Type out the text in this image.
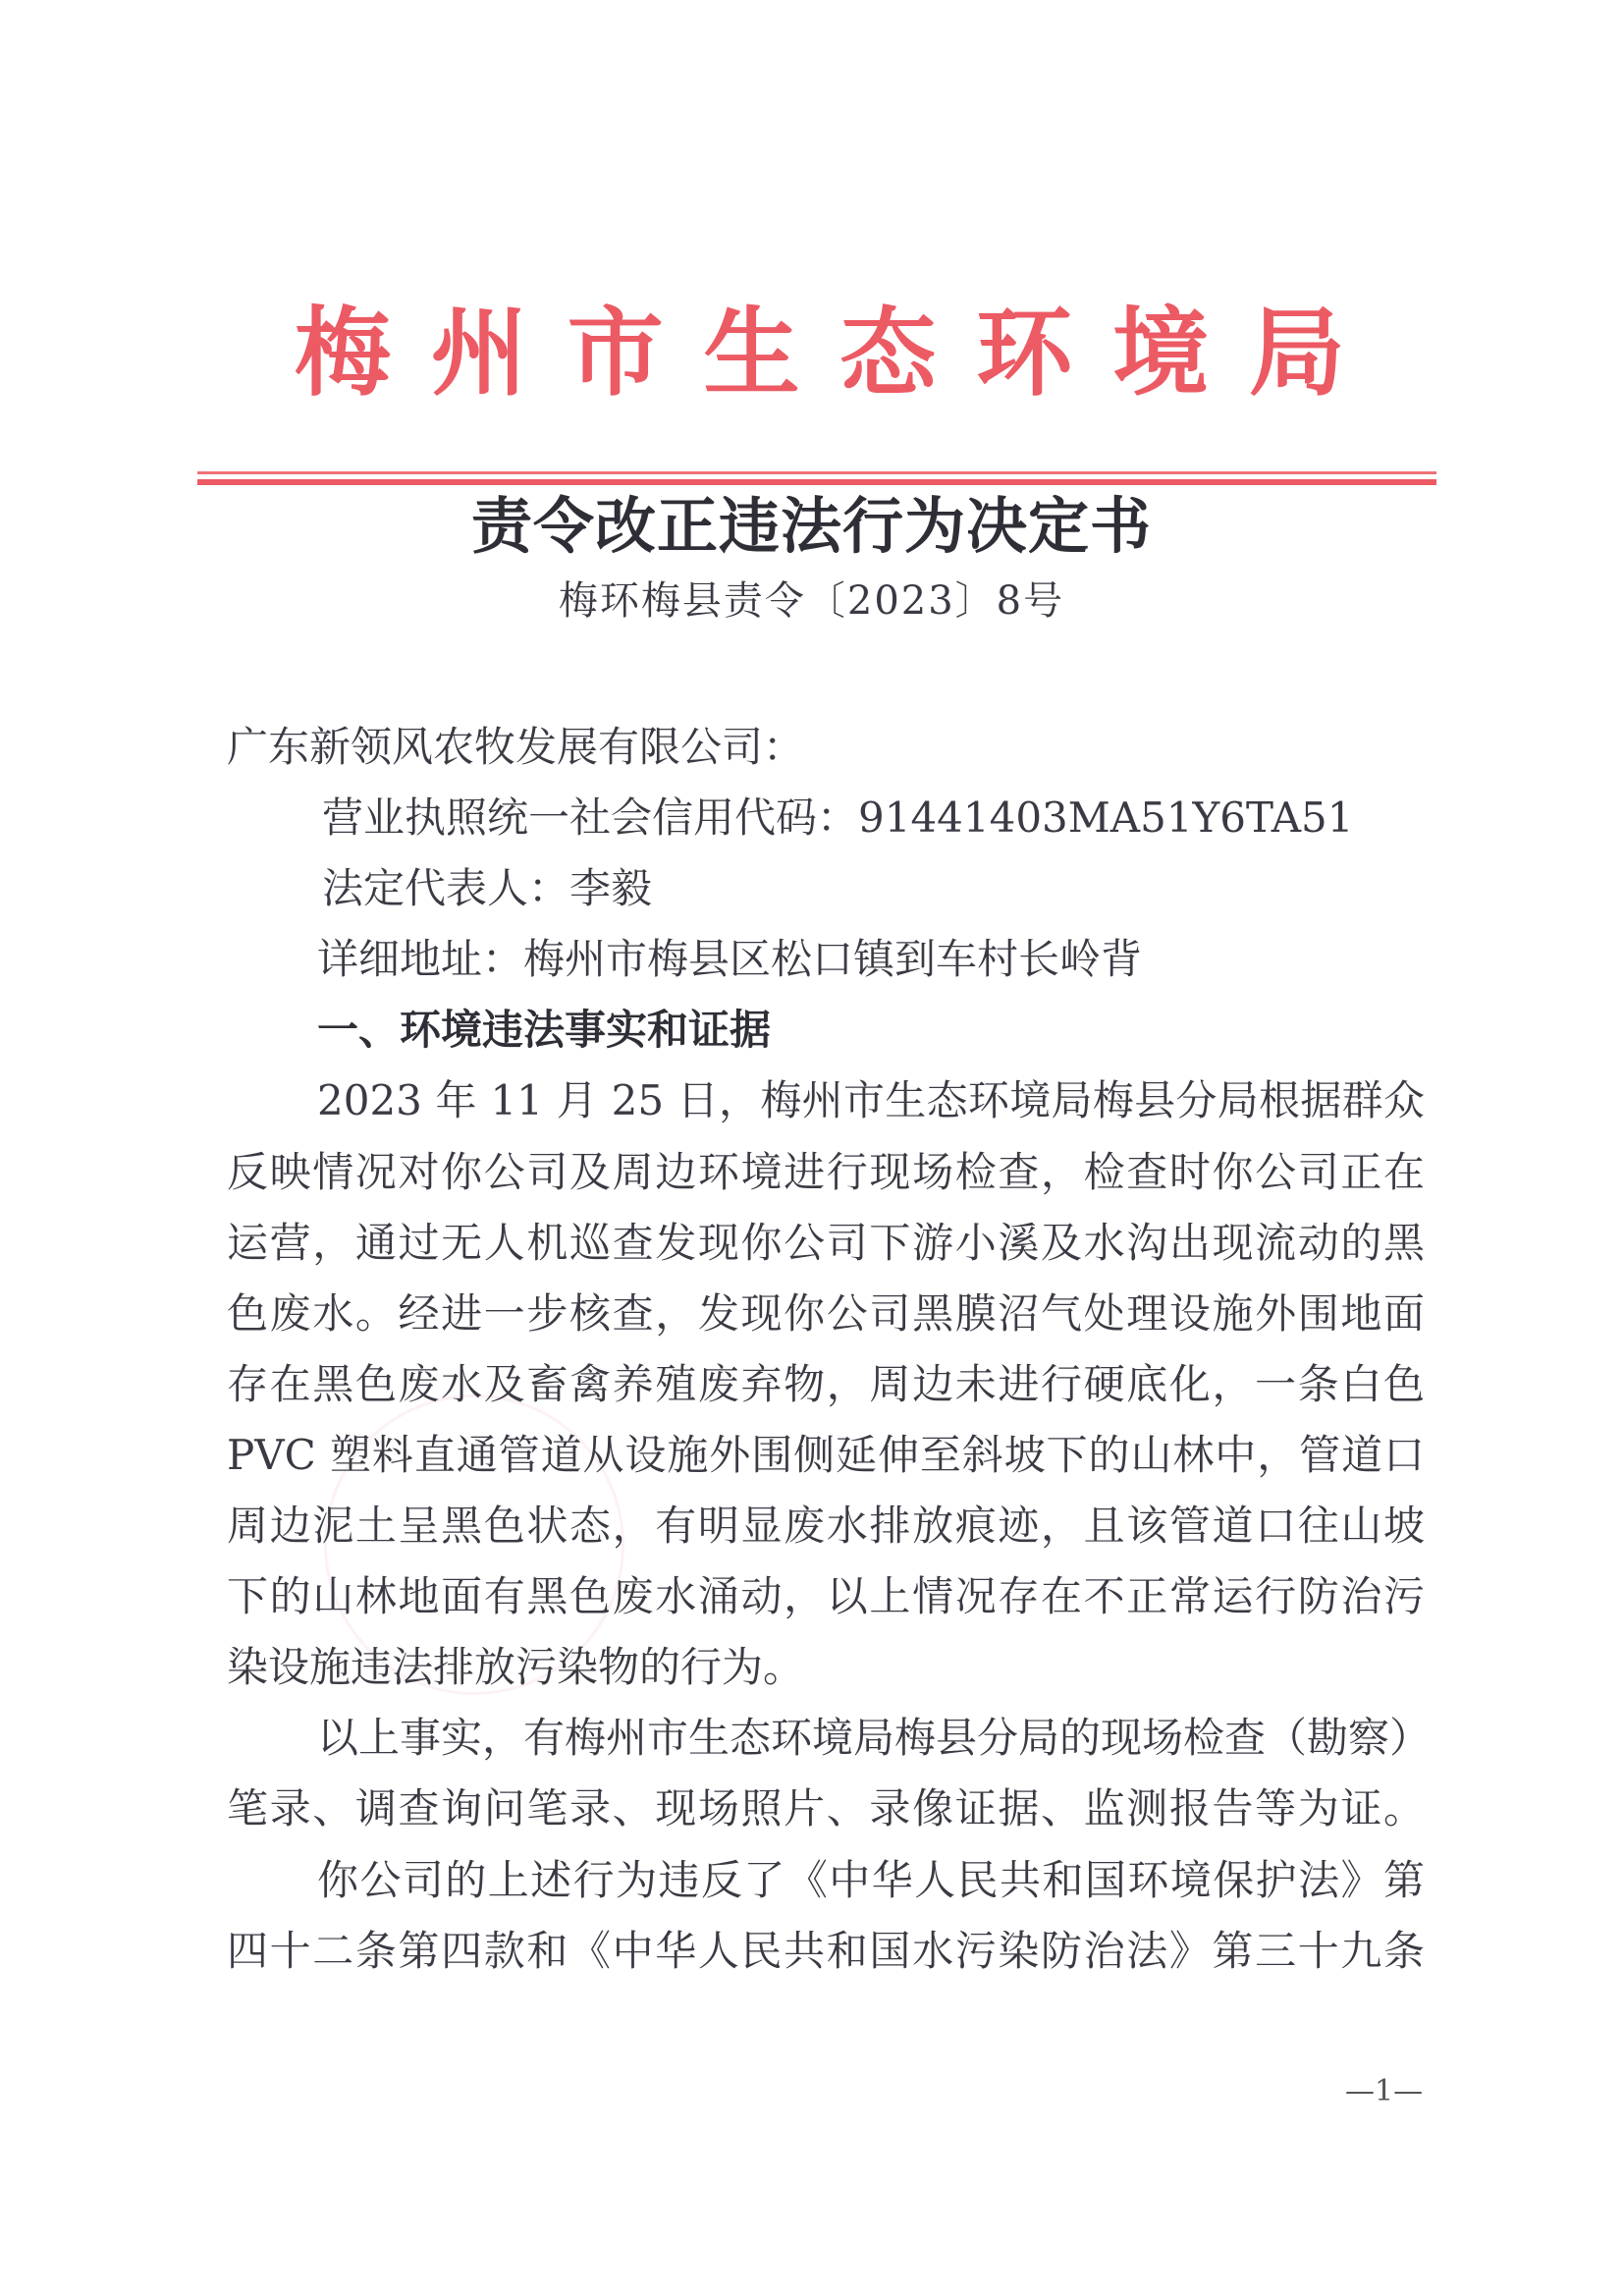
梅 州 市 生 态 环 境 局
责令改正违法行为决定书
梅环梅县责令〔2023〕8号
广东新领风农牧发展有限公司：
营业执照统一社会信用代码：91441403MA51Y6TA51
法定代表人：李毅
详细地址：梅州市梅县区松口镇到车村长岭背
一、环境违法事实和证据
2023 年 11 月 25 日，梅州市生态环境局梅县分局根据群众
反映情况对你公司及周边环境进行现场检查，检查时你公司正在
运营，通过无人机巡查发现你公司下游小溪及水沟出现流动的黑
色废水。经进一步核查，发现你公司黑膜沼气处理设施外围地面
存在黑色废水及畜禽养殖废弃物，周边未进行硬底化，一条白色
PVC 塑料直通管道从设施外围侧延伸至斜坡下的山林中，管道口
周边泥土呈黑色状态，有明显废水排放痕迹，且该管道口往山坡
下的山林地面有黑色废水涌动，以上情况存在不正常运行防治污
染设施违法排放污染物的行为。
以上事实，有梅州市生态环境局梅县分局的现场检查（勘察）
笔录、调查询问笔录、现场照片、录像证据、监测报告等为证。
你公司的上述行为违反了《中华人民共和国环境保护法》第
四十二条第四款和《中华人民共和国水污染防治法》第三十九条
—1—
